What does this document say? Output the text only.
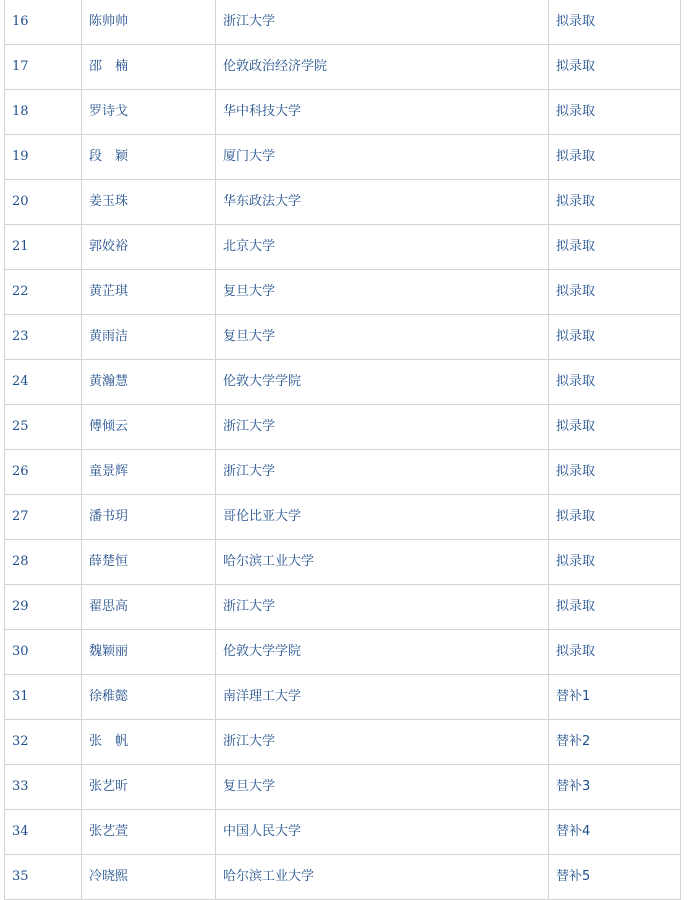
16	陈帅帅	浙江大学	拟录取
17	邵　楠	伦敦政治经济学院	拟录取
18	罗诗戈	华中科技大学	拟录取
19	段　颖	厦门大学	拟录取
20	姜玉珠	华东政法大学	拟录取
21	郭姣裕	北京大学	拟录取
22	黄芷琪	复旦大学	拟录取
23	黄雨洁	复旦大学	拟录取
24	黄瀚慧	伦敦大学学院	拟录取
25	傅倾云	浙江大学	拟录取
26	童景辉	浙江大学	拟录取
27	潘书玥	哥伦比亚大学	拟录取
28	薛楚恒	哈尔滨工业大学	拟录取
29	翟思高	浙江大学	拟录取
30	魏颖丽	伦敦大学学院	拟录取
31	徐稚懿	南洋理工大学	替补1
32	张　帆	浙江大学	替补2
33	张艺昕	复旦大学	替补3
34	张艺萱	中国人民大学	替补4
35	冷晓熙	哈尔滨工业大学	替补5
